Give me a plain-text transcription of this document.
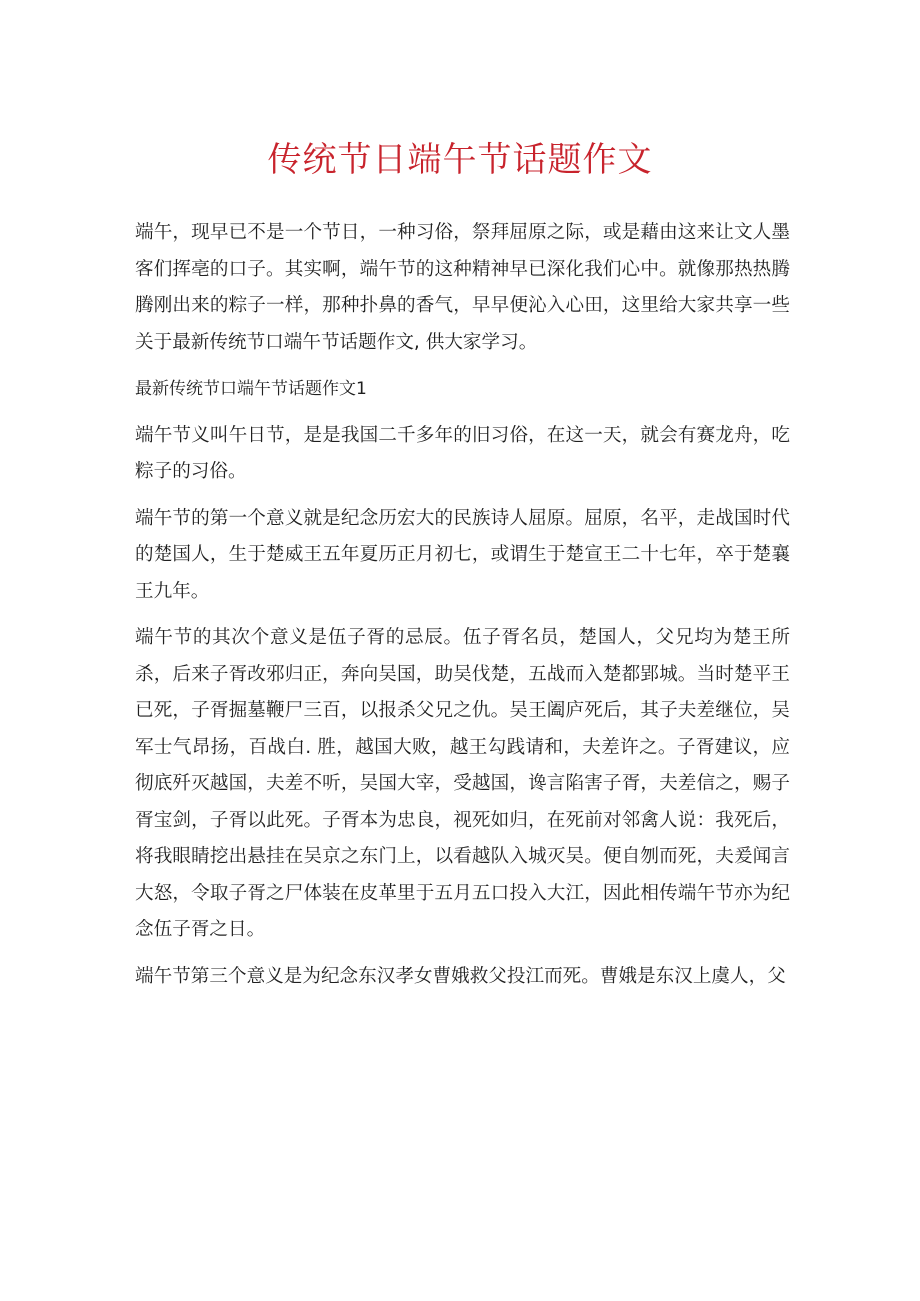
传统节日端午节话题作文

端午，现早已不是一个节日，一种习俗，祭拜屈原之际，或是藉由这来让文人墨客们挥亳的口子。其实啊，端午节的这种精神早已深化我们心中。就像那热热腾腾刚出来的粽子一样，那种扑鼻的香气，早早便沁入心田，这里给大家共享一些关于最新传统节口端午节话题作文, 供大家学习。

最新传统节口端午节话题作文1

端午节义叫午日节，是是我国二千多年的旧习俗，在这一天，就会有赛龙舟，吃粽子的习俗。

端午节的第一个意义就是纪念历宏大的民族诗人屈原。屈原，名平，走战国时代的楚国人，生于楚威王五年夏历正月初七，或谓生于楚宣王二十七年，卒于楚襄王九年。

端午节的其次个意义是伍子胥的忌辰。伍子胥名员，楚国人，父兄均为楚王所杀，后来子胥改邪归正，奔向吴国，助吴伐楚，五战而入楚都郢城。当时楚平王已死，子胥掘墓鞭尸三百，以报杀父兄之仇。吴王阖庐死后，其子夫差继位，吴军士气昂扬，百战白. 胜，越国大败，越王勾践请和，夫差许之。子胥建议，应彻底歼灭越国，夫差不听，吴国大宰，受越国，谗言陷害子胥，夫差信之，赐子胥宝剑，子胥以此死。子胥本为忠良，视死如归，在死前对邻禽人说：我死后，将我眼睛挖出悬挂在吴京之东门上，以看越队入城灭吴。便自刎而死，夫爰闻言大怒，令取子胥之尸体装在皮革里于五月五口投入大江，因此相传端午节亦为纪念伍子胥之日。

端午节第三个意义是为纪念东汉孝女曹娥救父投江而死。曹娥是东汉上虞人，父
